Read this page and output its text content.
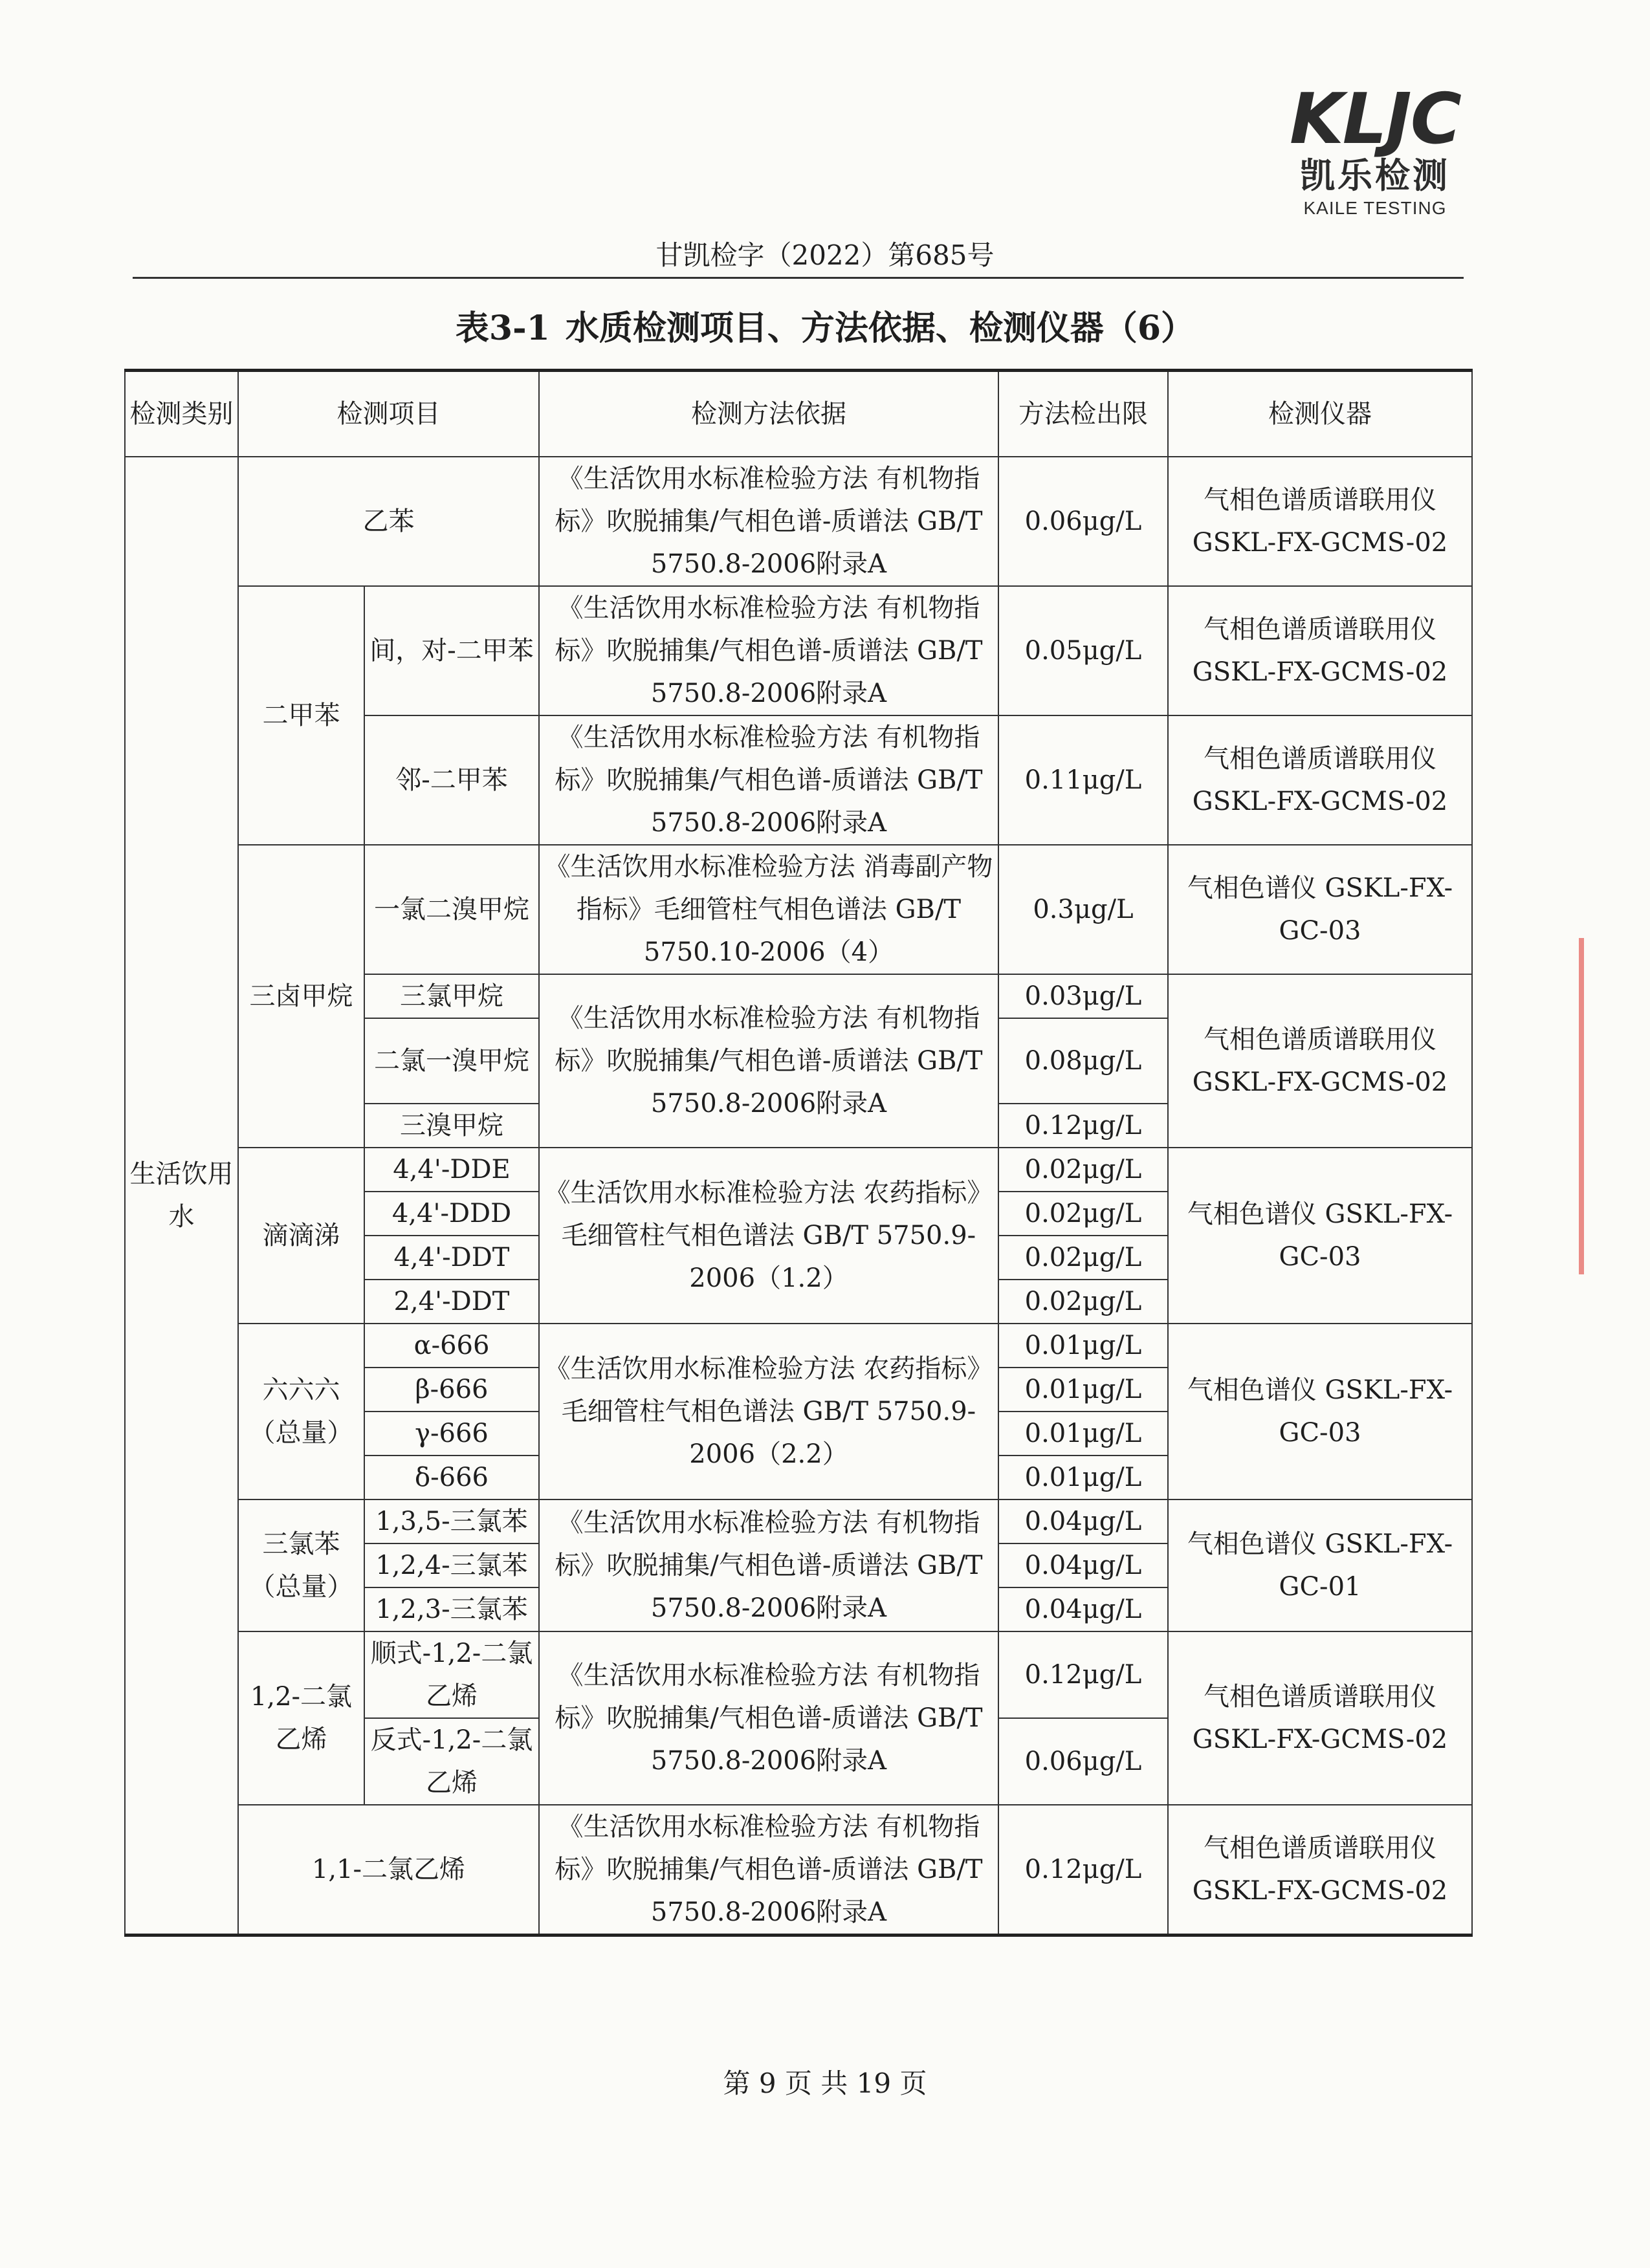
KLJC
凯乐检测
KAILE TESTING
甘凯检字（2022）第685号
表3-1 水质检测项目、方法依据、检测仪器（6）
检测类别	检测项目		检测方法依据	方法检出限	检测仪器
生活饮用水	乙苯		《生活饮用水标准检验方法 有机物指标》吹脱捕集/气相色谱-质谱法 GB/T 5750.8-2006附录A	0.06μg/L	气相色谱质谱联用仪 GSKL-FX-GCMS-02
	二甲苯	间，对-二甲苯	《生活饮用水标准检验方法 有机物指标》吹脱捕集/气相色谱-质谱法 GB/T 5750.8-2006附录A	0.05μg/L	气相色谱质谱联用仪 GSKL-FX-GCMS-02
		邻-二甲苯	《生活饮用水标准检验方法 有机物指标》吹脱捕集/气相色谱-质谱法 GB/T 5750.8-2006附录A	0.11μg/L	气相色谱质谱联用仪 GSKL-FX-GCMS-02
	三卤甲烷	一氯二溴甲烷	《生活饮用水标准检验方法 消毒副产物指标》毛细管柱气相色谱法 GB/T 5750.10-2006（4）	0.3μg/L	气相色谱仪 GSKL-FX-GC-03
		三氯甲烷	《生活饮用水标准检验方法 有机物指标》吹脱捕集/气相色谱-质谱法 GB/T 5750.8-2006附录A	0.03μg/L	气相色谱质谱联用仪 GSKL-FX-GCMS-02
		二氯一溴甲烷		0.08μg/L	

		三溴甲烷		0.12μg/L	
	滴滴涕	4,4'-DDE	《生活饮用水标准检验方法 农药指标》毛细管柱气相色谱法 GB/T 5750.9-2006（1.2）	0.02μg/L	气相色谱仪 GSKL-FX-GC-03
		4,4'-DDD		0.02μg/L	
		4,4'-DDT		0.02μg/L	
		2,4'-DDT		0.02μg/L	
	六六六（总量）	α-666	《生活饮用水标准检验方法 农药指标》毛细管柱气相色谱法 GB/T 5750.9-2006（2.2）	0.01μg/L	气相色谱仪 GSKL-FX-GC-03
		β-666		0.01μg/L	
		γ-666		0.01μg/L	
		δ-666		0.01μg/L	
	三氯苯（总量）	1,3,5-三氯苯	《生活饮用水标准检验方法 有机物指标》吹脱捕集/气相色谱-质谱法 GB/T 5750.8-2006附录A	0.04μg/L	气相色谱仪 GSKL-FX-GC-01
		1,2,4-三氯苯		0.04μg/L	
		1,2,3-三氯苯		0.04μg/L	
	1,2-二氯乙烯	顺式-1,2-二氯乙烯	《生活饮用水标准检验方法 有机物指标》吹脱捕集/气相色谱-质谱法 GB/T 5750.8-2006附录A	0.12μg/L	气相色谱质谱联用仪 GSKL-FX-GCMS-02
		反式-1,2-二氯乙烯		0.06μg/L	
	1,1-二氯乙烯		《生活饮用水标准检验方法 有机物指标》吹脱捕集/气相色谱-质谱法 GB/T 5750.8-2006附录A	0.12μg/L	气相色谱质谱联用仪 GSKL-FX-GCMS-02
第 9 页 共 19 页
